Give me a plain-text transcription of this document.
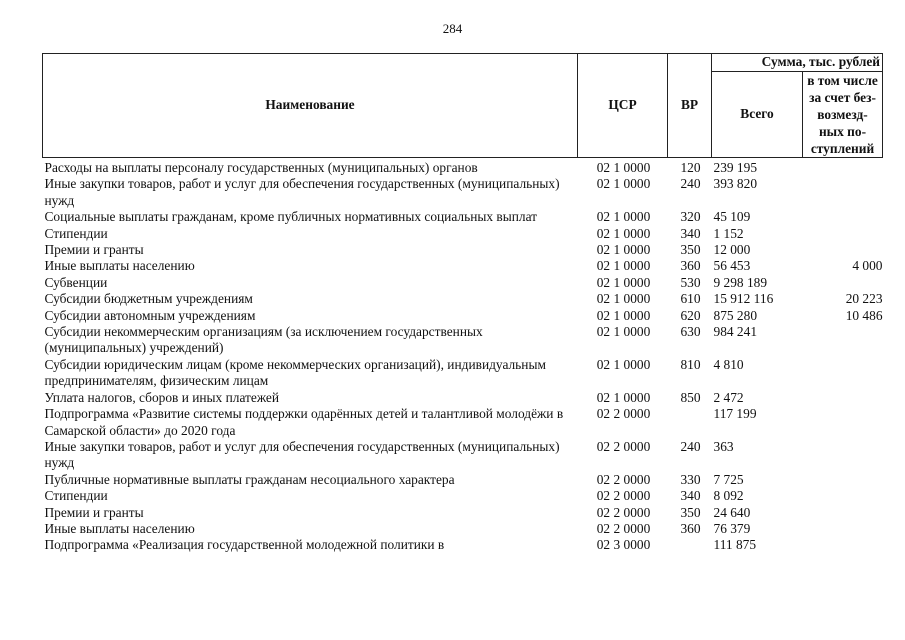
284
Наименование	ЦСР	ВР	Сумма, тыс. рублей	
			Всего	в том числе
за счет без-
возмезд-
ных по-
ступлений

Расходы на выплаты персоналу государственных (муниципальных) органов	02 1 0000	120	239 195	
Иные закупки товаров, работ и услуг для обеспечения государственных (муниципальных) нужд	02 1 0000	240	393 820	
Социальные выплаты гражданам, кроме публичных нормативных социальных выплат	02 1 0000	320	45 109	
Стипендии	02 1 0000	340	1 152	
Премии и гранты	02 1 0000	350	12 000	
Иные выплаты населению	02 1 0000	360	56 453	4 000
Субвенции	02 1 0000	530	9 298 189	
Субсидии бюджетным учреждениям	02 1 0000	610	15 912 116	20 223
Субсидии автономным учреждениям	02 1 0000	620	875 280	10 486
Субсидии некоммерческим организациям (за исключением государственных (муниципальных) учреждений)	02 1 0000	630	984 241	
Субсидии юридическим лицам (кроме некоммерческих организаций), индивидуальным предпринимателям, физическим лицам	02 1 0000	810	4 810	
Уплата налогов, сборов и иных платежей	02 1 0000	850	2 472	
Подпрограмма «Развитие системы поддержки одарённых детей и талантливой молодёжи в Самарской области» до 2020 года	02 2 0000		117 199	
Иные закупки товаров, работ и услуг для обеспечения государственных (муниципальных) нужд	02 2 0000	240	363	
Публичные нормативные выплаты гражданам несоциального характера	02 2 0000	330	7 725	
Стипендии	02 2 0000	340	8 092	
Премии и гранты	02 2 0000	350	24 640	
Иные выплаты населению	02 2 0000	360	76 379	
Подпрограмма «Реализация государственной молодежной политики в	02 3 0000		111 875	
